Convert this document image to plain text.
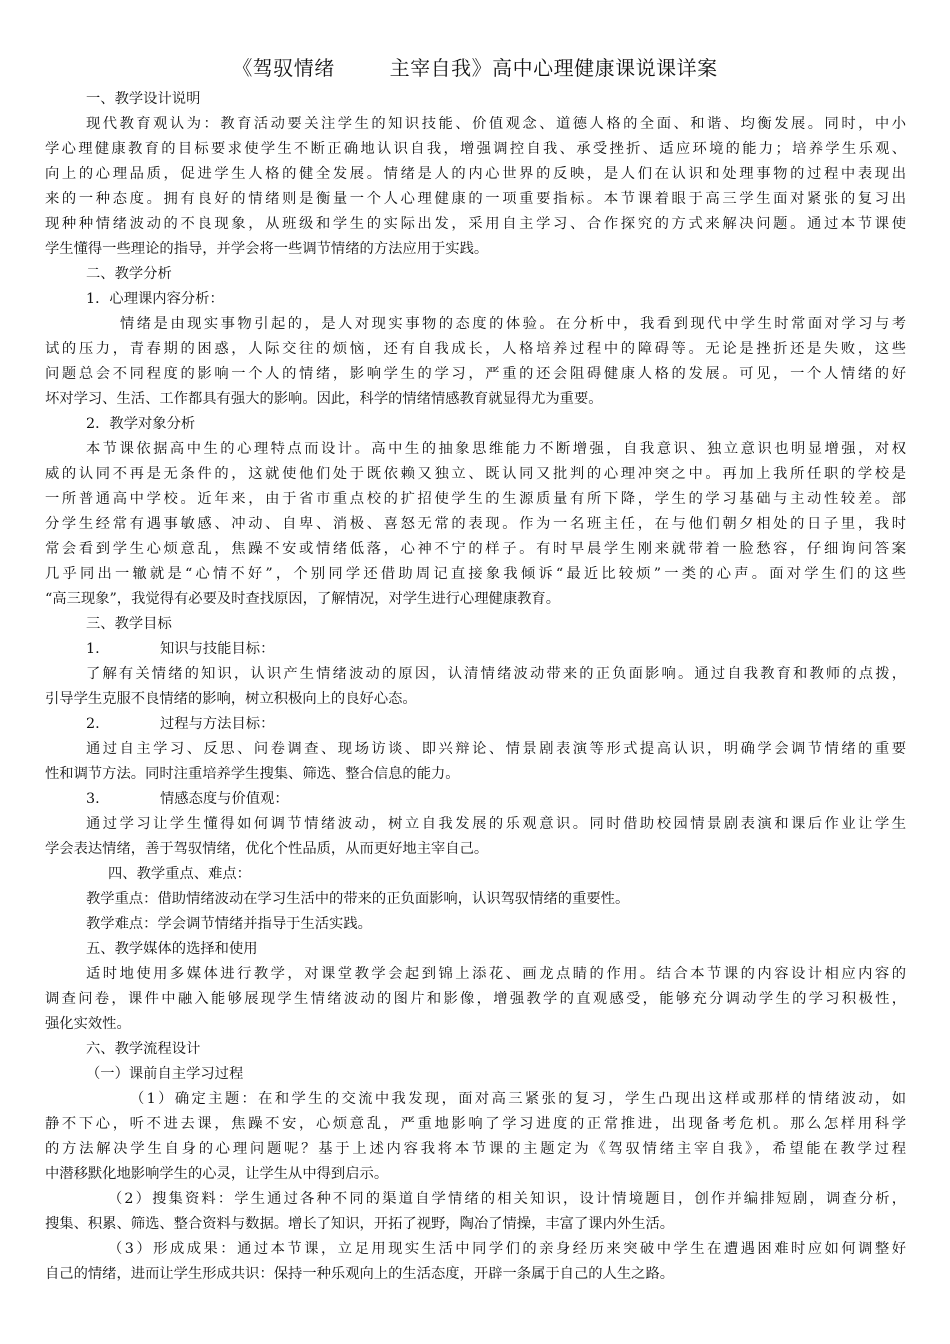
《驾驭情绪        主宰自我》高中心理健康课说课详案
一、教学设计说明
现代教育观认为：教育活动要关注学生的知识技能、价值观念、道德人格的全面、和谐、均衡发展。同时，中小
学心理健康教育的目标要求使学生不断正确地认识自我，增强调控自我、承受挫折、适应环境的能力；培养学生乐观、
向上的心理品质，促进学生人格的健全发展。情绪是人的内心世界的反映，是人们在认识和处理事物的过程中表现出
来的一种态度。拥有良好的情绪则是衡量一个人心理健康的一项重要指标。本节课着眼于高三学生面对紧张的复习出
现种种情绪波动的不良现象，从班级和学生的实际出发，采用自主学习、合作探究的方式来解决问题。通过本节课使
学生懂得一些理论的指导，并学会将一些调节情绪的方法应用于实践。
二、教学分析
1．心理课内容分析：
情绪是由现实事物引起的，是人对现实事物的态度的体验。在分析中，我看到现代中学生时常面对学习与考
试的压力，青春期的困惑，人际交往的烦恼，还有自我成长，人格培养过程中的障碍等。无论是挫折还是失败，这些
问题总会不同程度的影响一个人的情绪，影响学生的学习，严重的还会阻碍健康人格的发展。可见，一个人情绪的好
坏对学习、生活、工作都具有强大的影响。因此，科学的情绪情感教育就显得尤为重要。
2．教学对象分析
本节课依据高中生的心理特点而设计。高中生的抽象思维能力不断增强，自我意识、独立意识也明显增强，对权
威的认同不再是无条件的，这就使他们处于既依赖又独立、既认同又批判的心理冲突之中。再加上我所任职的学校是
一所普通高中学校。近年来，由于省市重点校的扩招使学生的生源质量有所下降，学生的学习基础与主动性较差。部
分学生经常有遇事敏感、冲动、自卑、消极、喜怒无常的表现。作为一名班主任，在与他们朝夕相处的日子里，我时
常会看到学生心烦意乱，焦躁不安或情绪低落，心神不宁的样子。有时早晨学生刚来就带着一脸愁容，仔细询问答案
几乎同出一辙就是“心情不好”，个别同学还借助周记直接象我倾诉“最近比较烦”一类的心声。面对学生们的这些
“高三现象”，我觉得有必要及时查找原因，了解情况，对学生进行心理健康教育。
三、教学目标
1.	知识与技能目标：
了解有关情绪的知识，认识产生情绪波动的原因，认清情绪波动带来的正负面影响。通过自我教育和教师的点拨，
引导学生克服不良情绪的影响，树立积极向上的良好心态。
2.	过程与方法目标：
通过自主学习、反思、问卷调查、现场访谈、即兴辩论、情景剧表演等形式提高认识，明确学会调节情绪的重要
性和调节方法。同时注重培养学生搜集、筛选、整合信息的能力。
3.	情感态度与价值观：
通过学习让学生懂得如何调节情绪波动，树立自我发展的乐观意识。同时借助校园情景剧表演和课后作业让学生
学会表达情绪，善于驾驭情绪，优化个性品质，从而更好地主宰自己。
四、教学重点、难点：
教学重点：借助情绪波动在学习生活中的带来的正负面影响，认识驾驭情绪的重要性。
教学难点：学会调节情绪并指导于生活实践。
五、教学媒体的选择和使用
适时地使用多媒体进行教学，对课堂教学会起到锦上添花、画龙点睛的作用。结合本节课的内容设计相应内容的
调查问卷，课件中融入能够展现学生情绪波动的图片和影像，增强教学的直观感受，能够充分调动学生的学习积极性，
强化实效性。
六、教学流程设计
（一）课前自主学习过程
（1）确定主题：在和学生的交流中我发现，面对高三紧张的复习，学生凸现出这样或那样的情绪波动，如
静不下心，听不进去课，焦躁不安，心烦意乱，严重地影响了学习进度的正常推进，出现备考危机。那么怎样用科学
的方法解决学生自身的心理问题呢？基于上述内容我将本节课的主题定为《驾驭情绪主宰自我》，希望能在教学过程
中潜移默化地影响学生的心灵，让学生从中得到启示。
（2）搜集资料：学生通过各种不同的渠道自学情绪的相关知识，设计情境题目，创作并编排短剧，调查分析，
搜集、积累、筛选、整合资料与数据。增长了知识，开拓了视野，陶冶了情操，丰富了课内外生活。
（3）形成成果：通过本节课，立足用现实生活中同学们的亲身经历来突破中学生在遭遇困难时应如何调整好
自己的情绪，进而让学生形成共识：保持一种乐观向上的生活态度，开辟一条属于自己的人生之路。
